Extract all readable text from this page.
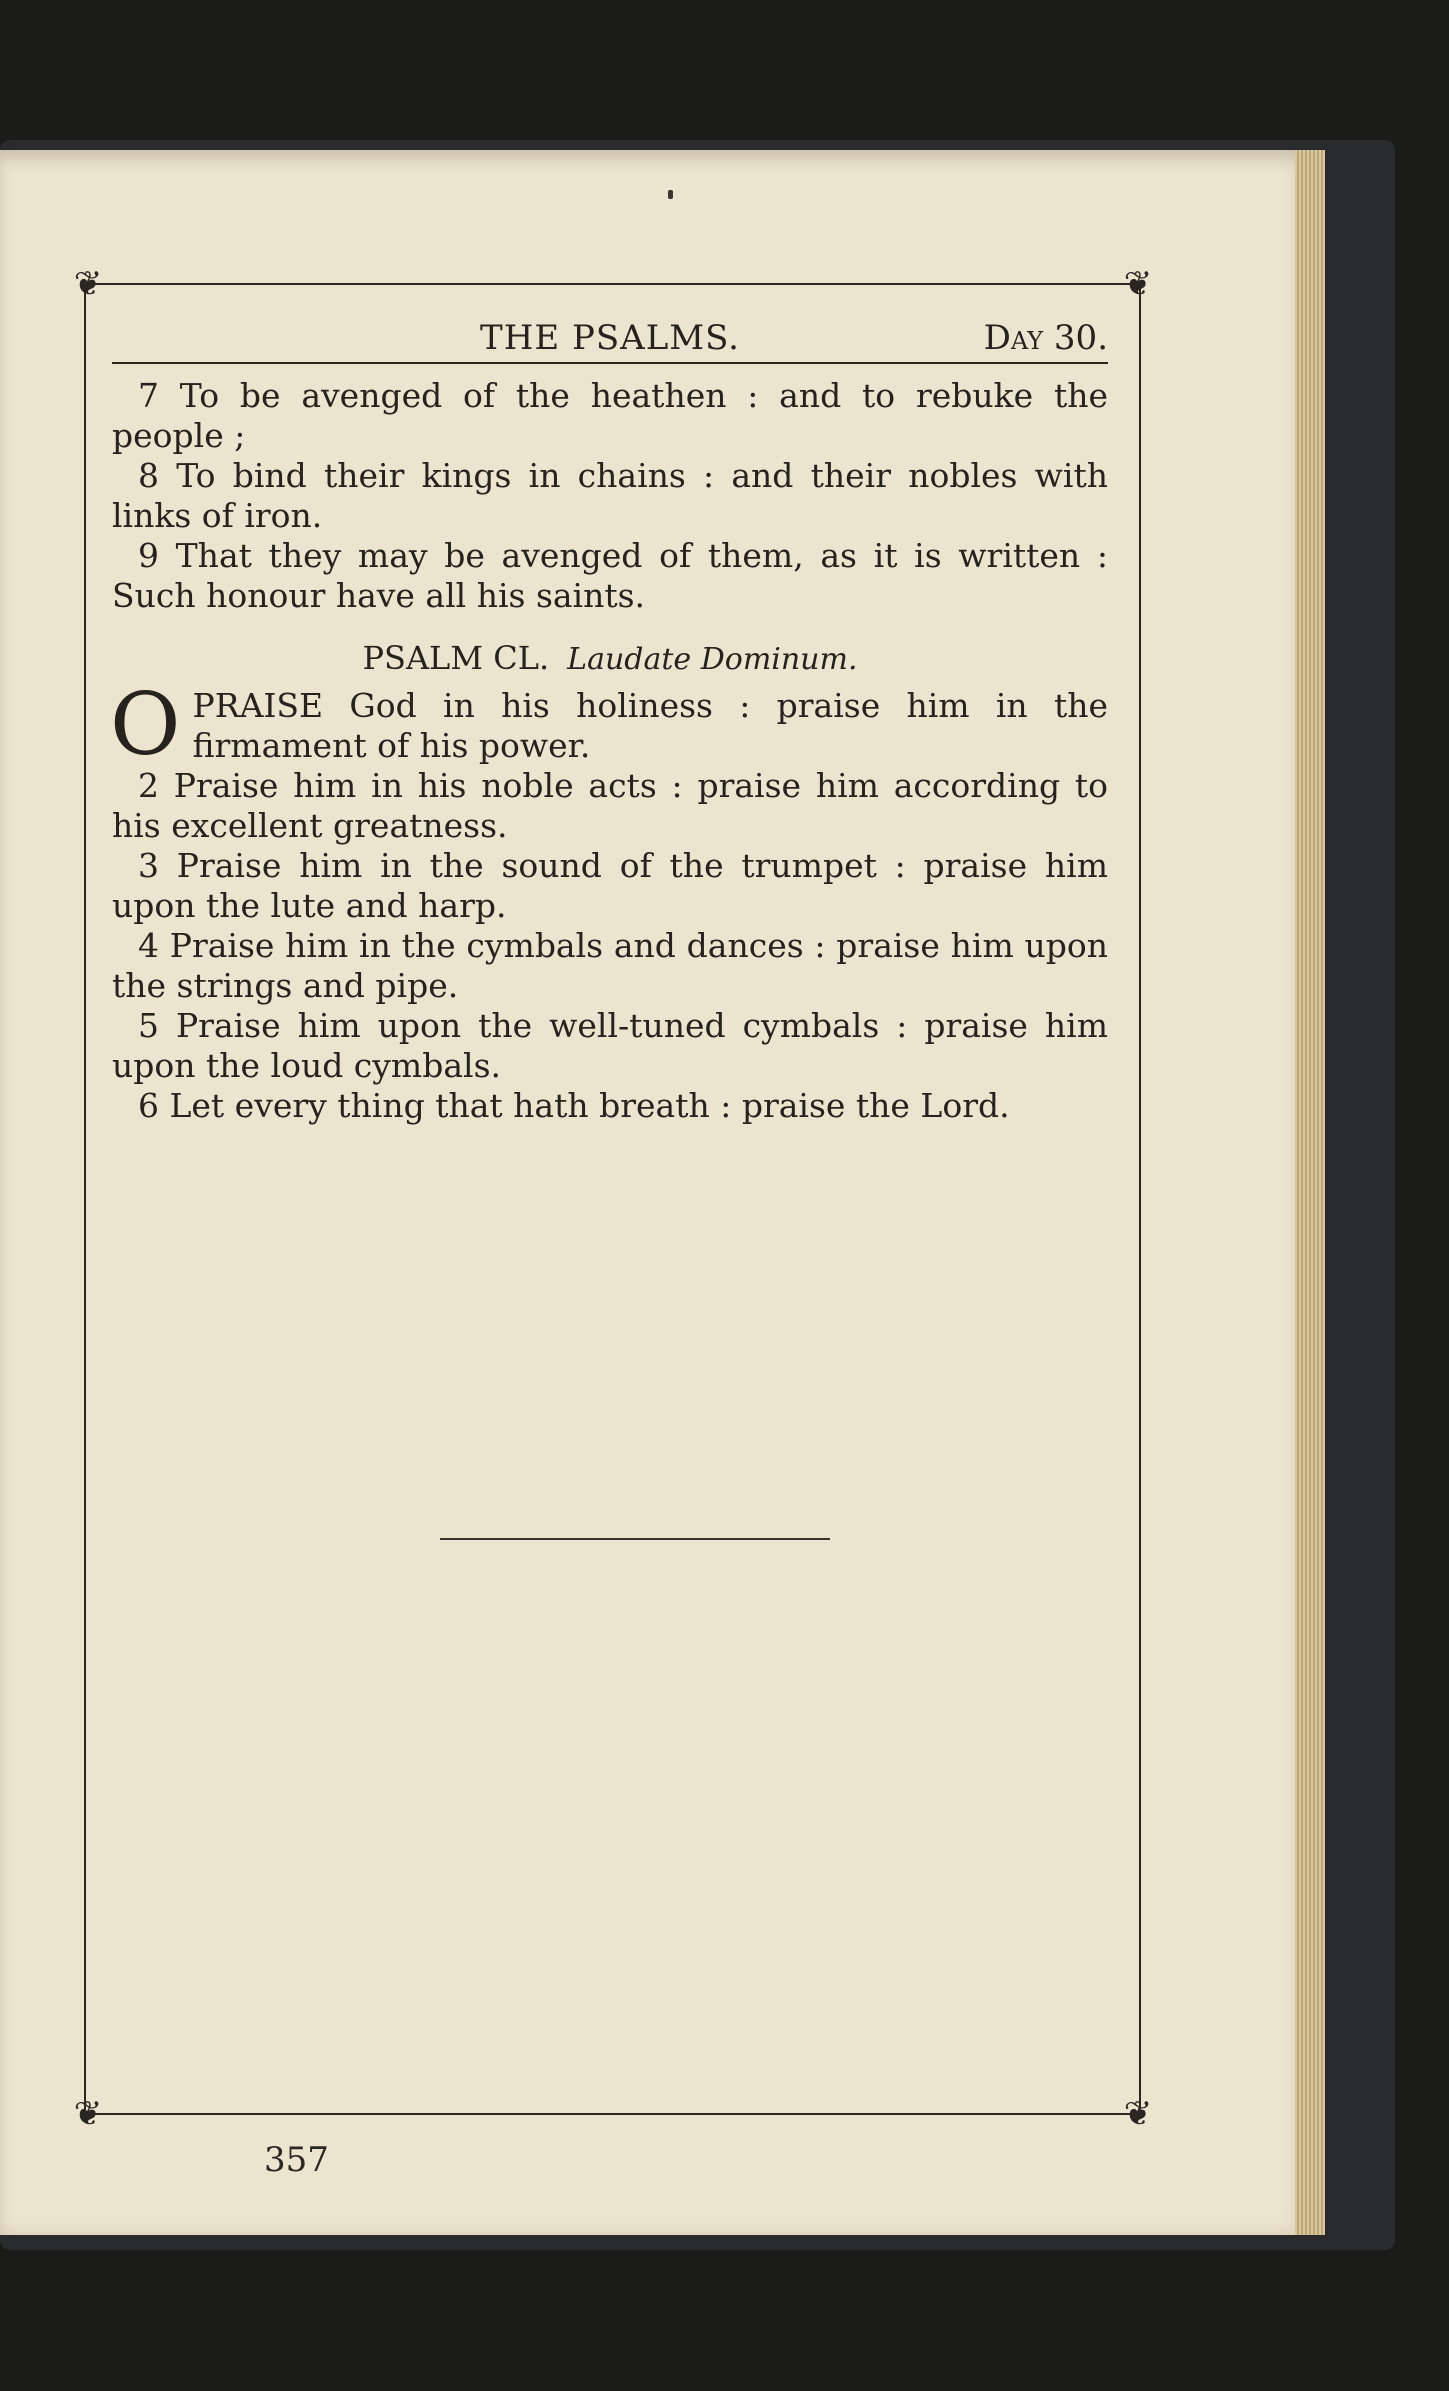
❦	❦
❦	❦
THE PSALMS.	Day 30.

7 To be avenged of the heathen : and to rebuke the people ;

8 To bind their kings in chains : and their nobles with links of iron.

9 That they may be avenged of them, as it is written : Such honour have all his saints.

PSALM CL. Laudate Dominum.

OPRAISE God in his holiness : praise him in the firmament of his power.

2 Praise him in his noble acts : praise him according to his excellent greatness.

3 Praise him in the sound of the trumpet : praise him upon the lute and harp.

4 Praise him in the cymbals and dances : praise him upon the strings and pipe.

5 Praise him upon the well-tuned cymbals : praise him upon the loud cymbals.

6 Let every thing that hath breath : praise the Lord.

357
